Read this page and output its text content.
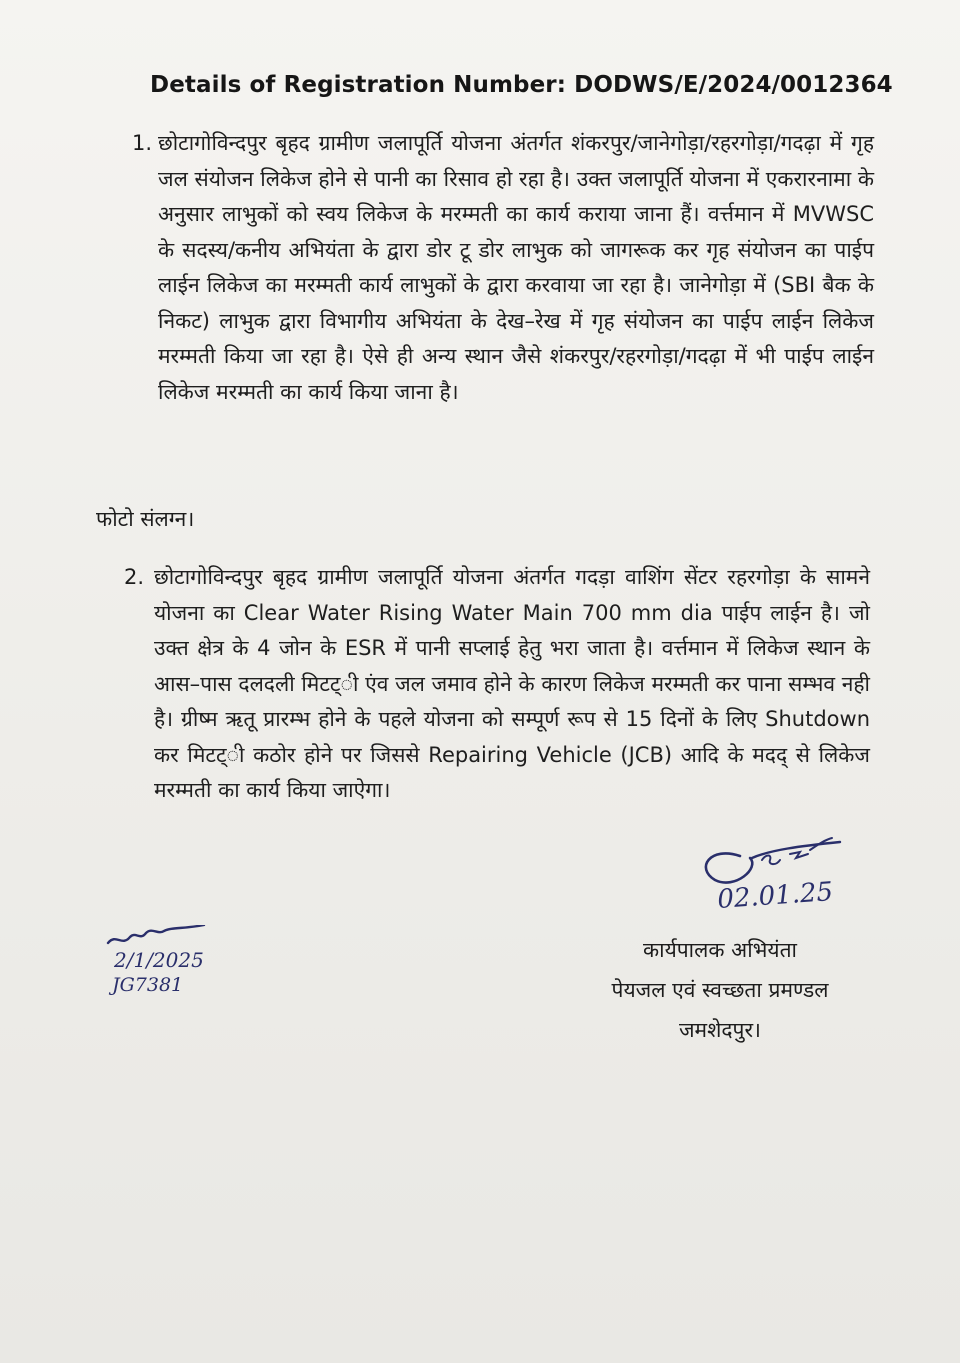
Details of Registration Number: DODWS/E/2024/0012364
1. छोटागोविन्दपुर बृहद ग्रामीण जलापूर्ति योजना अंतर्गत शंकरपुर/जानेगोड़ा/रहरगोड़ा/गदढ़ा में गृह जल संयोजन लिकेज होने से पानी का रिसाव हो रहा है। उक्त जलापूर्ति योजना में एकरारनामा के अनुसार लाभुकों को स्वय लिकेज के मरम्मती का कार्य कराया जाना हैं। वर्त्तमान में MVWSC के सदस्य/कनीय अभियंता के द्वारा डोर टू डोर लाभुक को जागरूक कर गृह संयोजन का पाईप लाईन लिकेज का मरम्मती कार्य लाभुकों के द्वारा करवाया जा रहा है। जानेगोड़ा में (SBI बैक के निकट) लाभुक द्वारा विभागीय अभियंता के देख–रेख में गृह संयोजन का पाईप लाईन लिकेज मरम्मती किया जा रहा है। ऐसे ही अन्य स्थान जैसे शंकरपुर/रहरगोड़ा/गदढ़ा में भी पाईप लाईन लिकेज मरम्मती का कार्य किया जाना है।
फोटो संलग्न।
2. छोटागोविन्दपुर बृहद ग्रामीण जलापूर्ति योजना अंतर्गत गदड़ा वाशिंग सेंटर रहरगोड़ा के सामने योजना का Clear Water Rising Water Main 700 mm dia पाईप लाईन है। जो उक्त क्षेत्र के 4 जोन के ESR में पानी सप्लाई हेतु भरा जाता है। वर्त्तमान में लिकेज स्थान के आस–पास दलदली मिटट्ी एंव जल जमाव होने के कारण लिकेज मरम्मती कर पाना सम्भव नही है। ग्रीष्म ऋतू प्रारम्भ होने के पहले योजना को सम्पूर्ण रूप से 15 दिनों के लिए Shutdown कर मिटट्ी कठोर होने पर जिससे Repairing Vehicle (JCB) आदि के मदद् से लिकेज मरम्मती का कार्य किया जाऐगा।
02.01.25
2/1/2025
JG7381
कार्यपालक अभियंता
पेयजल एवं स्वच्छता प्रमण्डल
जमशेदपुर।
